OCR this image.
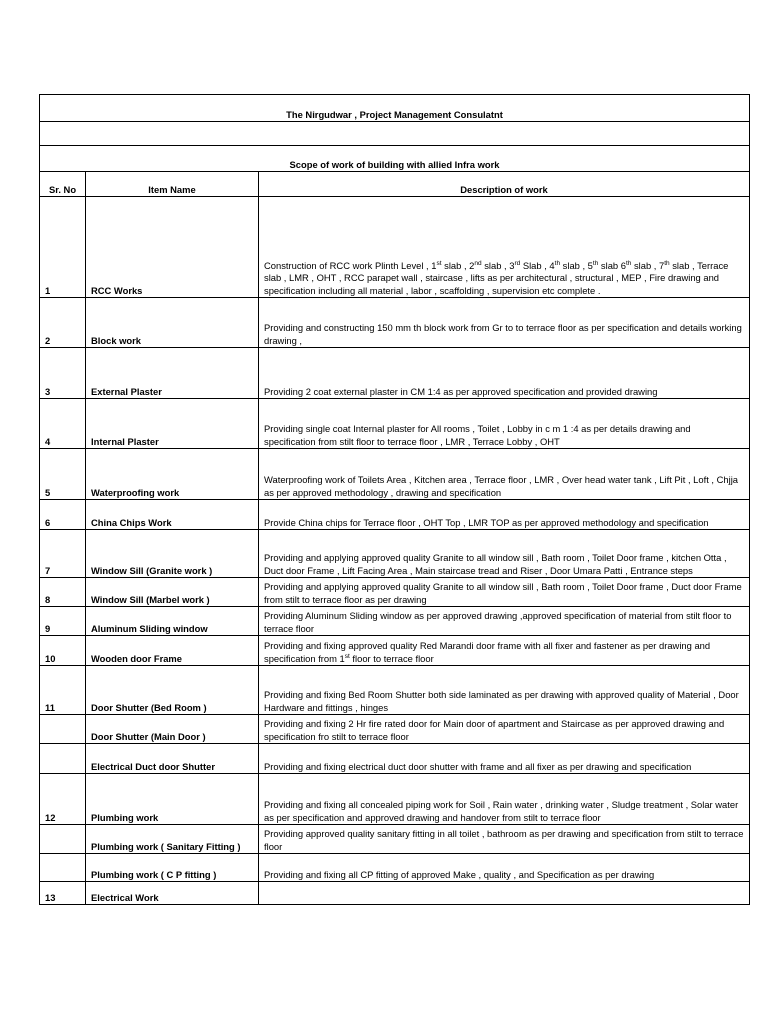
The Nirgudwar , Project Management Consulatnt		

Scope of work of building with allied Infra work		
Sr. No	Item Name	Description of work
1	RCC Works	Construction of RCC work Plinth Level , 1st slab , 2nd slab , 3rd Slab , 4th slab , 5th slab 6th slab , 7th slab , Terrace slab , LMR , OHT , RCC parapet wall , staircase , lifts as per architectural , structural , MEP , Fire drawing and specification including all material , labor , scaffolding , supervision etc complete .
2	Block work	Providing and constructing 150 mm th block work from Gr to to terrace floor as per specification and details working drawing ,
3	External Plaster	Providing 2 coat external plaster in CM 1:4 as per approved specification and provided drawing
4	Internal Plaster	Providing single coat Internal plaster for All rooms , Toilet , Lobby in c m 1 :4 as per details drawing and specification from stilt floor to terrace floor , LMR , Terrace Lobby , OHT
5	Waterproofing work	Waterproofing work of Toilets Area , Kitchen area , Terrace floor , LMR , Over head water tank , Lift Pit , Loft , Chjja as per approved methodology , drawing and specification
6	China Chips Work	Provide China chips for Terrace floor , OHT Top , LMR TOP as per approved methodology and specification
7	Window Sill (Granite work )	Providing and applying approved quality Granite to all window sill , Bath room , Toilet Door frame , kitchen Otta , Duct door Frame , Lift Facing Area , Main staircase tread and Riser , Door Umara Patti , Entrance steps
8	Window Sill (Marbel work )	Providing and applying approved quality Granite to all window sill , Bath room , Toilet Door frame , Duct door Frame from stilt to terrace floor as per drawing
9	Aluminum Sliding window	Providing Aluminum Sliding window as per approved drawing ,approved specification of material from stilt floor to terrace floor
10	Wooden door Frame	Providing and fixing approved quality Red Marandi door frame with all fixer and fastener as per drawing and specification from 1st floor to terrace floor
11	Door Shutter (Bed Room )	Providing and fixing Bed Room Shutter both side laminated as per drawing with approved quality of Material , Door Hardware and fittings , hinges
	Door Shutter (Main Door )	Providing and fixing 2 Hr fire rated door for Main door of apartment and Staircase as per approved drawing and specification fro stilt to terrace floor
	Electrical Duct door Shutter	Providing and fixing electrical duct door shutter with frame and all fixer as per drawing and specification
12	Plumbing work	Providing and fixing all concealed piping work for Soil , Rain water , drinking water , Sludge treatment , Solar water as per specification and approved drawing and handover from stilt to terrace floor
	Plumbing work ( Sanitary Fitting )	Providing approved quality sanitary fitting in all toilet , bathroom as per drawing and specification from stilt to terrace floor
	Plumbing work ( C P fitting )	Providing and fixing all CP fitting of approved Make , quality , and Specification as per drawing
13	Electrical Work	
